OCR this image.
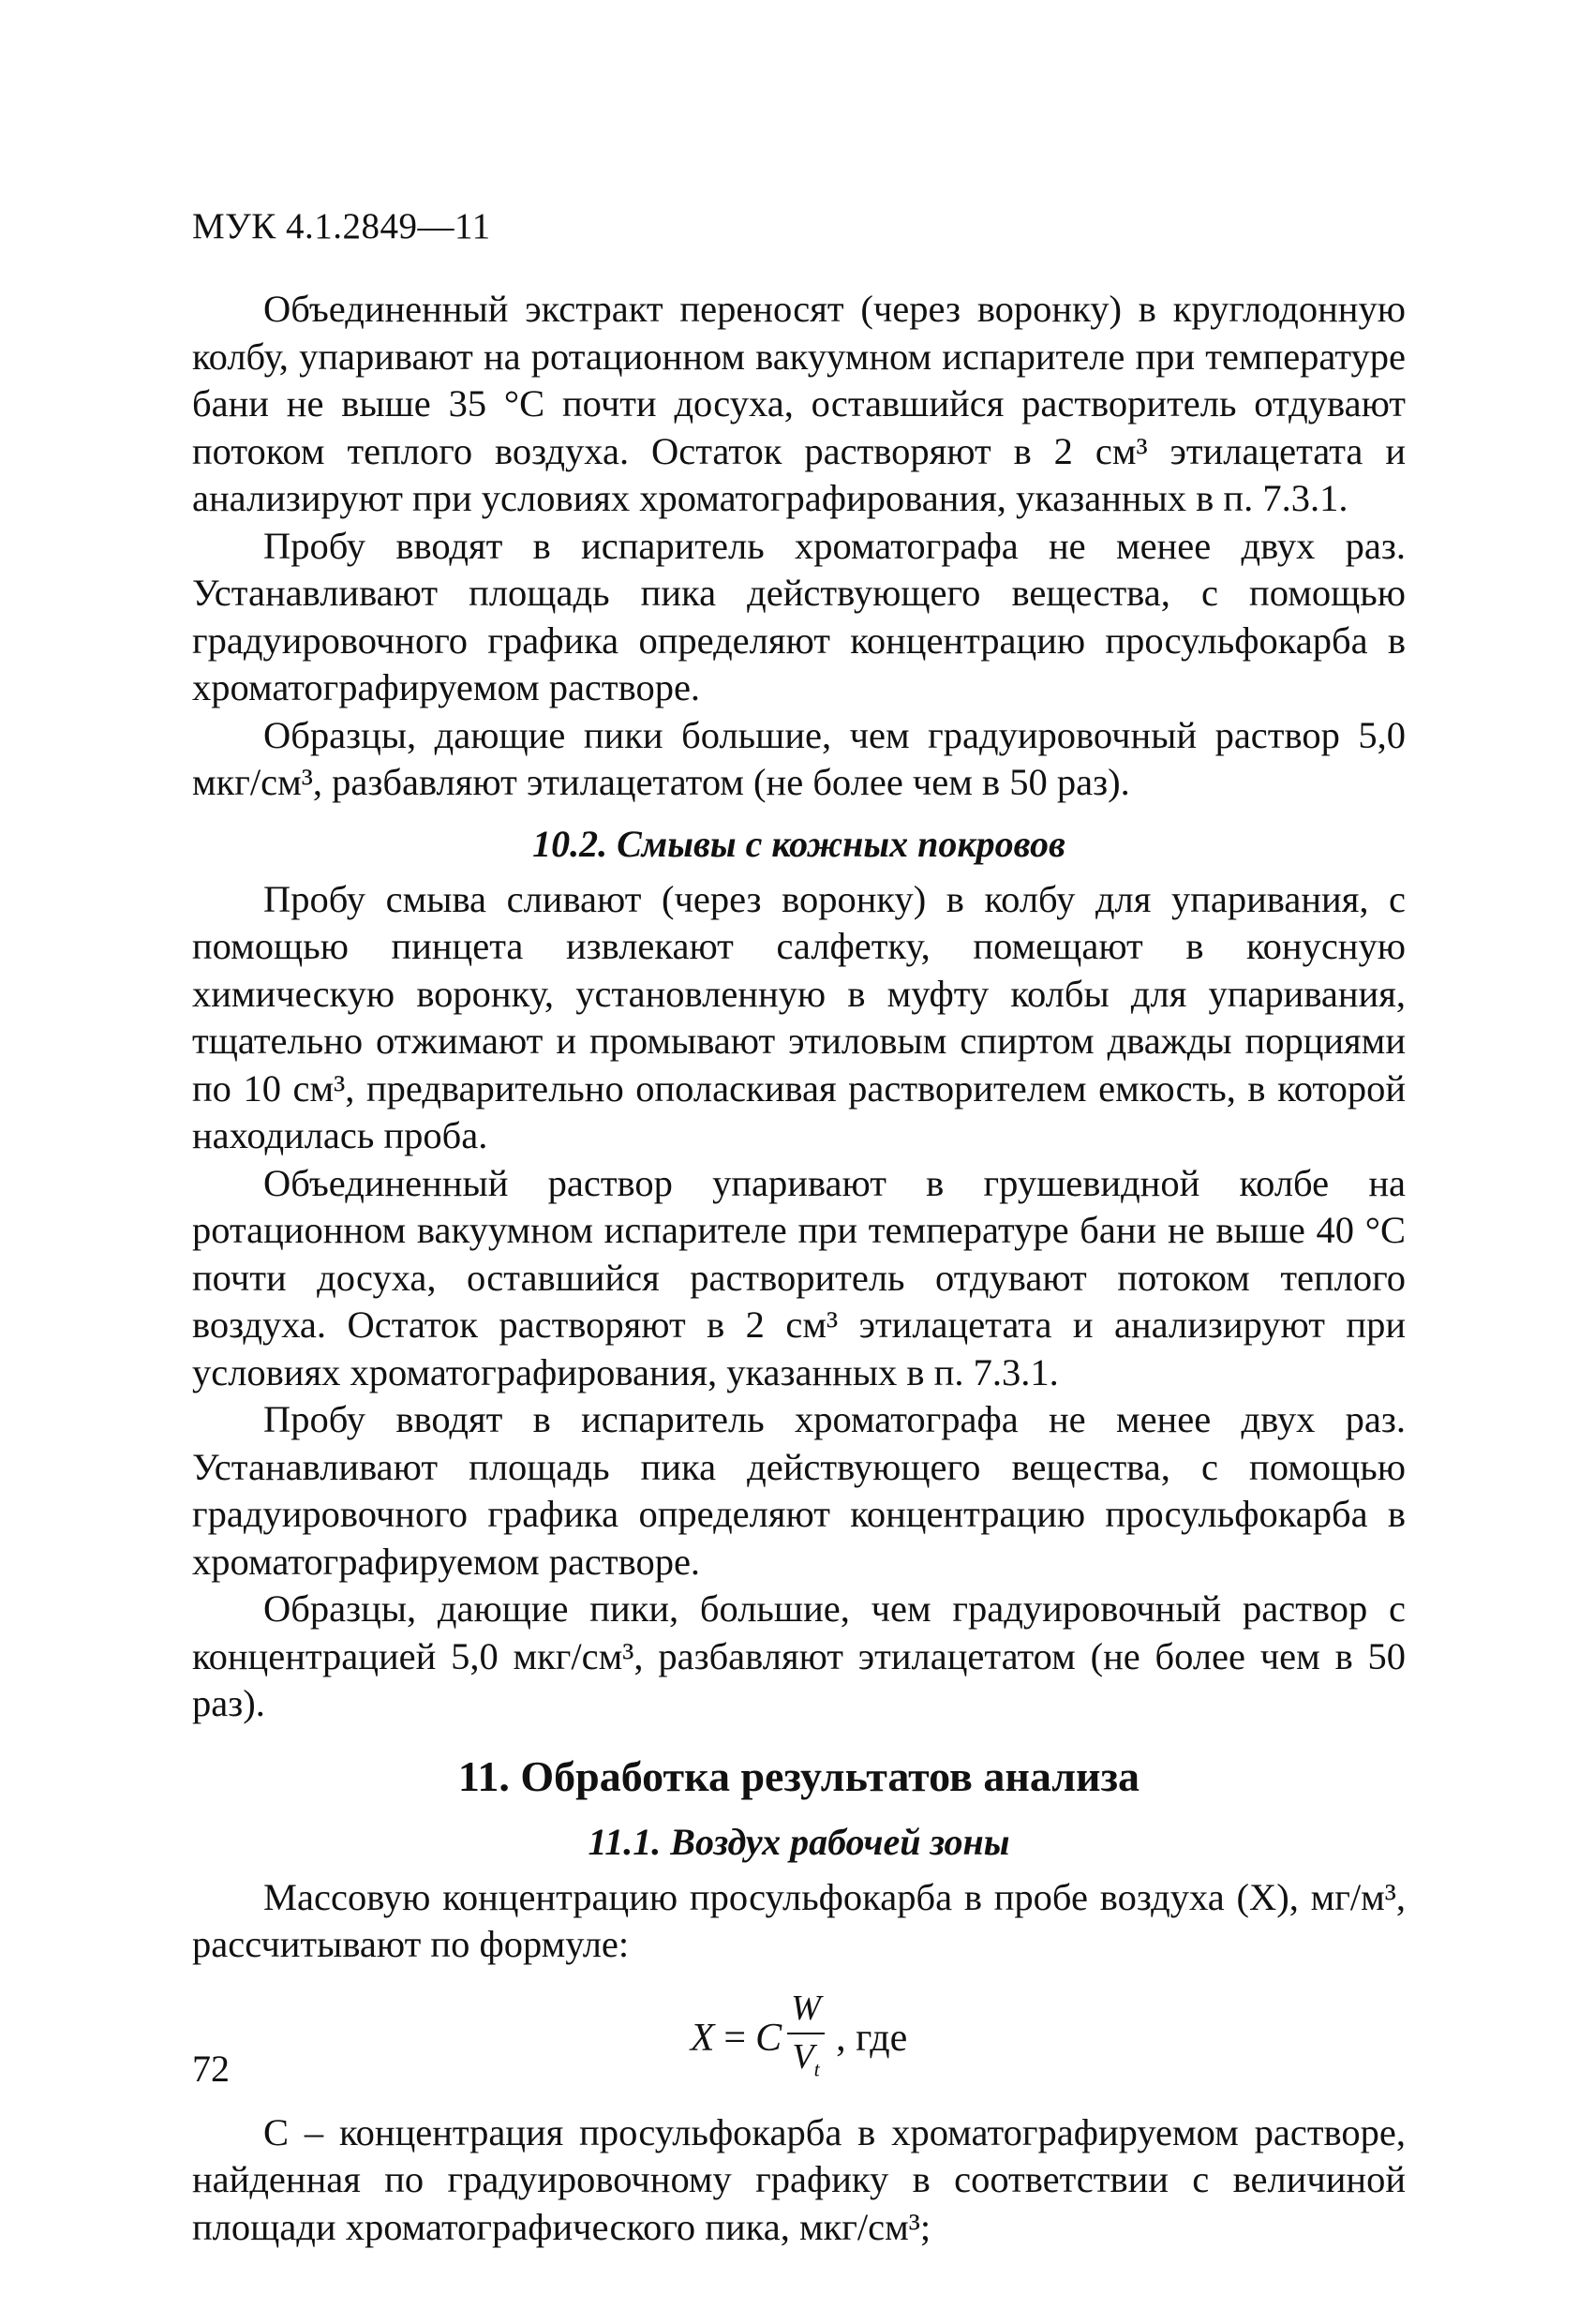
МУК 4.1.2849—11

Объединенный экстракт переносят (через воронку) в круглодонную колбу, упаривают на ротационном вакуумном испарителе при температуре бани не выше 35 °С почти досуха, оставшийся растворитель отдувают потоком теплого воздуха. Остаток растворяют в 2 см³ этилацетата и анализируют при условиях хроматографирования, указанных в п. 7.3.1.

Пробу вводят в испаритель хроматографа не менее двух раз. Устанавливают площадь пика действующего вещества, с помощью градуировочного графика определяют концентрацию просульфокарба в хроматографируемом растворе.

Образцы, дающие пики большие, чем градуировочный раствор 5,0 мкг/см³, разбавляют этилацетатом (не более чем в 50 раз).

10.2. Смывы с кожных покровов

Пробу смыва сливают (через воронку) в колбу для упаривания, с помощью пинцета извлекают салфетку, помещают в конусную химическую воронку, установленную в муфту колбы для упаривания, тщательно отжимают и промывают этиловым спиртом дважды порциями по 10 см³, предварительно ополаскивая растворителем емкость, в которой находилась проба.

Объединенный раствор упаривают в грушевидной колбе на ротационном вакуумном испарителе при температуре бани не выше 40 °С почти досуха, оставшийся растворитель отдувают потоком теплого воздуха. Остаток растворяют в 2 см³ этилацетата и анализируют при условиях хроматографирования, указанных в п. 7.3.1.

Пробу вводят в испаритель хроматографа не менее двух раз. Устанавливают площадь пика действующего вещества, с помощью градуировочного графика определяют концентрацию просульфокарба в хроматографируемом растворе.

Образцы, дающие пики, большие, чем градуировочный раствор с концентрацией 5,0 мкг/см³, разбавляют этилацетатом (не более чем в 50 раз).

11. Обработка результатов анализа
11.1. Воздух рабочей зоны

Массовую концентрацию просульфокарба в пробе воздуха (X), мг/м³, рассчитывают по формуле:

X = C $\frac{W}{V_t}$ , где

C – концентрация просульфокарба в хроматографируемом растворе, найденная по градуировочному графику в соответствии с величиной площади хроматографического пика, мкг/см³;

72
